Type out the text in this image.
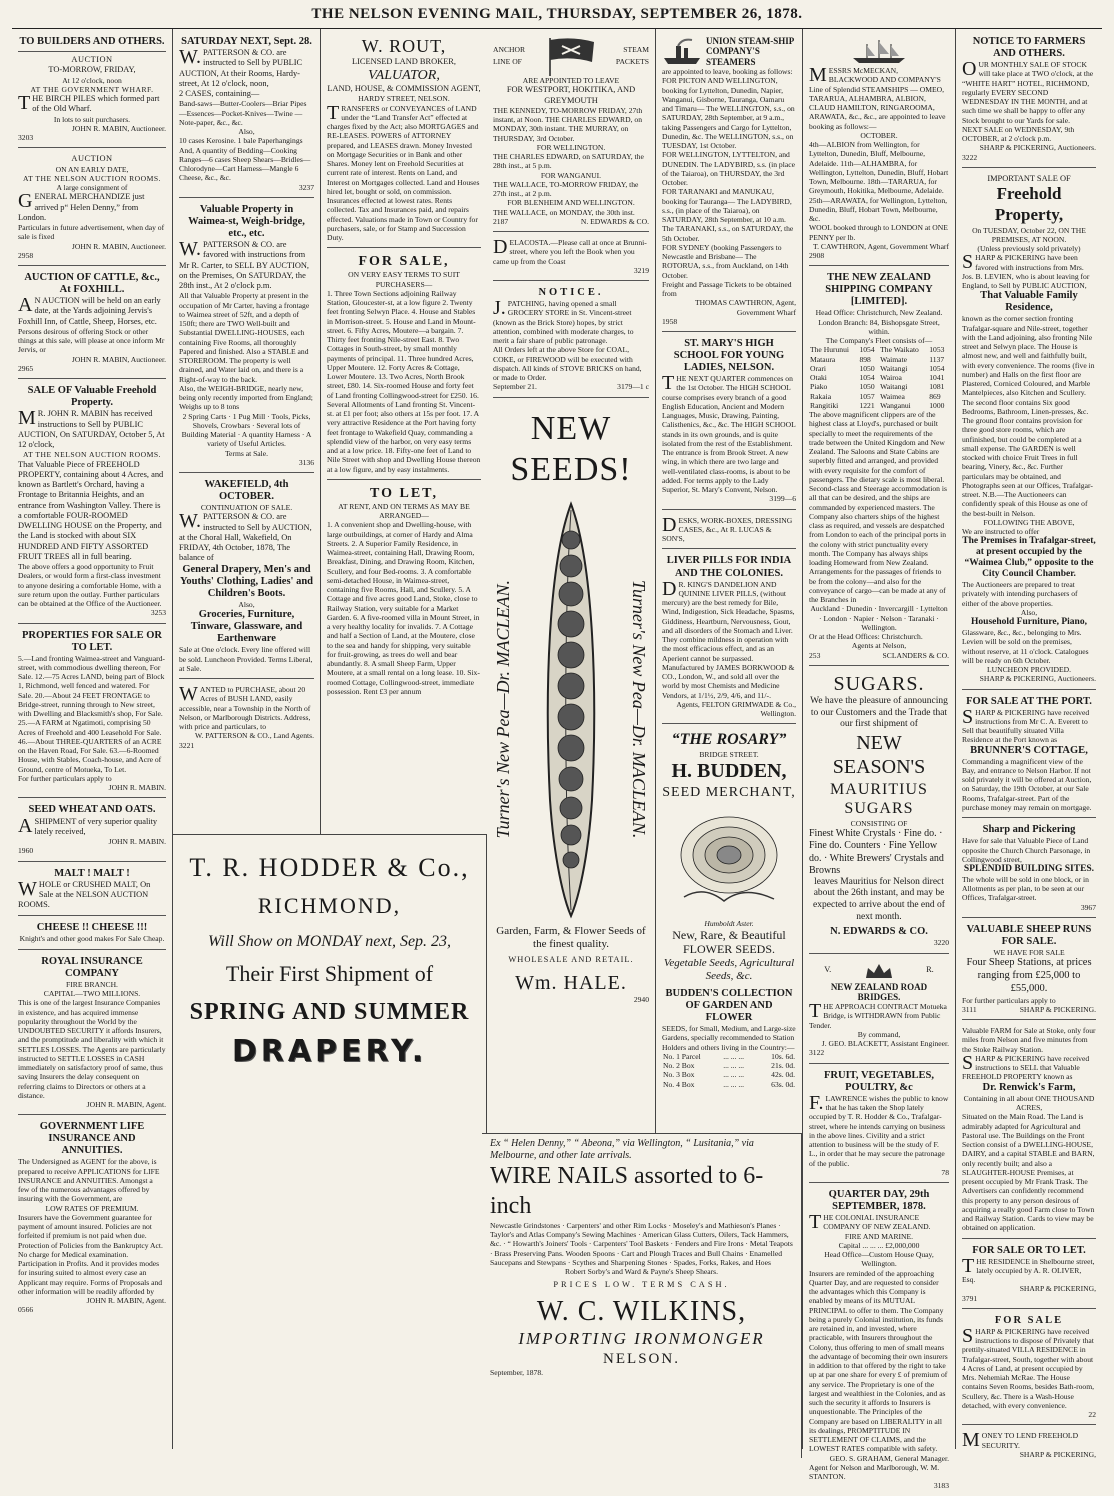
THE NELSON EVENING MAIL, THURSDAY, SEPTEMBER 26, 1878.
TO BUILDERS AND OTHERS.
AUCTION
TO-MORROW, FRIDAY,
At 12 o'clock, noon
AT THE GOVERNMENT WHARF.
THE BIRCH PILES which formed part of the Old Wharf.
In lots to suit purchasers.
JOHN R. MABIN, Auctioneer.
3203
AUCTION
ON AN EARLY DATE,
AT THE NELSON AUCTION ROOMS.
A large consignment of
GENERAL MERCHANDIZE just arrived p“ Helen Denny,” from London.
Particulars in future advertisement, when day of sale is fixed
JOHN R. MABIN, Auctioneer.
2958
AUCTION OF CATTLE, &c., At FOXHILL.
AN AUCTION will be held on an early date, at the Yards adjoining Jervis's Foxhill Inn, of Cattle, Sheep, Horses, etc.
Persons desirous of offering Stock or other things at this sale, will please at once inform Mr Jervis, or
JOHN R. MABIN, Auctioneer.
2965
SALE OF Valuable Freehold Property.
MR. JOHN R. MABIN has received instructions to Sell by PUBLIC AUCTION, On SATURDAY, October 5, At 12 o'clock,
AT THE NELSON AUCTION ROOMS.
That Valuable Piece of FREEHOLD PROPERTY, containing about 4 Acres, and known as Bartlett's Orchard, having a Frontage to Britannia Heights, and an entrance from Washington Valley. There is a comfortable FOUR-ROOMED DWELLING HOUSE on the Property, and the Land is stocked with about SIX HUNDRED AND FIFTY ASSORTED FRUIT TREES all in full bearing.
The above offers a good opportunity to Fruit Dealers, or would form a first-class investment to anyone desiring a comfortable Home, with a sure return upon the outlay. Further particulars can be obtained at the Office of the Auctioneer.
3253
PROPERTIES FOR SALE OR TO LET.
5.—Land fronting Waimea-street and Vanguard-street, with commodious dwelling thereon, For Sale. 12.—75 Acres LAND, being part of Block 1, Richmond, well fenced and watered. For Sale. 20.—About 24 FEET FRONTAGE to Bridge-street, running through to New street, with Dwelling and Blacksmith's shop, For Sale. 25.—A FARM at Ngatimoti, comprising 50 Acres of Freehold and 400 Leasehold For Sale. 46.—About THREE-QUARTERS of an ACRE on the Haven Road, For Sale. 63.—6-Roomed House, with Stables, Coach-house, and Acre of Ground, centre of Motueka, To Let.
For further particulars apply to
JOHN R. MABIN.
SEED WHEAT AND OATS.
ASHIPMENT of very superior quality lately received,
JOHN R. MABIN.
1960
MALT ! MALT !
WHOLE or CRUSHED MALT, On Sale at the NELSON AUCTION ROOMS.
CHEESE !! CHEESE !!!
Knight's and other good makes For Sale Cheap.
ROYAL INSURANCE COMPANY
FIRE BRANCH.
CAPITAL—TWO MILLIONS.
This is one of the largest Insurance Companies in existence, and has acquired immense popularity throughout the World by the UNDOUBTED SECURITY it affords Insurers, and the promptitude and liberality with which it SETTLES LOSSES. The Agents are particularly instructed to SETTLE LOSSES in CASH immediately on satisfactory proof of same, thus saving Insurers the delay consequent on referring claims to Directors or others at a distance.
JOHN R. MABIN, Agent.
GOVERNMENT LIFE INSURANCE AND ANNUITIES.
The Undersigned as AGENT for the above, is prepared to receive APPLICATIONS for LIFE INSURANCE and ANNUITIES. Amongst a few of the numerous advantages offered by insuring with the Government, are
LOW RATES OF PREMIUM.
Insurers have the Government guarantee for payment of amount insured. Policies are not forfeited if premium is not paid when due. Protection of Policies from the Bankruptcy Act. No charge for Medical examination. Participation in Profits. And it provides modes for insuring suited to almost every case an Applicant may require. Forms of Proposals and other information will be readily afforded by
JOHN R. MABIN, Agent.
0566
SATURDAY NEXT, Sept. 28.
W.PATTERSON & CO. are instructed to Sell by PUBLIC AUCTION, At their Rooms, Hardy-street, At 12 o'clock, noon,
2 CASES, containing—
Band-saws—Butter-Coolers—Briar Pipes —Essences—Pocket-Knives—Twine —Note-paper, &c., &c.
Also,
10 cases Kerosine. 1 bale Paperhangings And, A quantity of Bedding—Cooking Ranges—6 cases Sheep Shears—Bridles—Chlorodyne—Cart Harness—Mangle 6 Cheese, &c., &c.
3237
Valuable Property in Waimea-st, Weigh-bridge, etc., etc.
W.PATTERSON & CO. are favored with instructions from Mr R. Carter, to SELL BY AUCTION, on the Premises, On SATURDAY, the 28th inst., At 2 o'clock p.m.
All that Valuable Property at present in the occupation of Mr Carter, having a frontage to Waimea street of 52ft, and a depth of 150ft; there are TWO Well-built and Substantial DWELLING-HOUSES, each containing Five Rooms, all thoroughly Papered and finished. Also a STABLE and STOREROOM. The property is well drained, and Water laid on, and there is a Right-of-way to the back.
Also, the WEIGH-BRIDGE, nearly new, being only recently imported from England; Weighs up to 8 tons
2 Spring Carts · 1 Pug Mill · Tools, Picks, Shovels, Crowbars · Several lots of Building Material · A quantity Harness · A variety of Useful Articles.
Terms at Sale.
3136
WAKEFIELD, 4th OCTOBER.
CONTINUATION OF SALE.
W.PATTERSON & CO. are instructed to Sell by AUCTION, at the Choral Hall, Wakefield, On FRIDAY, 4th October, 1878, The balance of
General Drapery, Men's and Youths' Clothing, Ladies' and Children's Boots.
Also,
Groceries, Furniture, Tinware, Glassware, and Earthenware
Sale at One o'clock. Every line offered will be sold. Luncheon Provided. Terms Liberal, at Sale.
WANTED to PURCHASE, about 20 Acres of BUSH LAND, easily accessible, near a Township in the North of Nelson, or Marlborough Districts. Address, with price and particulars, to
W. PATTERSON & CO., Land Agents.
3221
W. ROUT,
LICENSED LAND BROKER,
VALUATOR,
LAND, HOUSE, & COMMISSION AGENT,
HARDY STREET, NELSON.
TRANSFERS or CONVEYANCES of LAND under the “Land Transfer Act” effected at charges fixed by the Act; also MORTGAGES and RE-LEASES. POWERS of ATTORNEY prepared, and LEASES drawn. Money Invested on Mortgage Securities or in Bank and other Shares. Money lent on Freehold Securities at current rate of interest. Rents on Land, and Interest on Mortgages collected. Land and Houses hired let, bought or sold, on commission. Insurances effected at lowest rates. Rents collected. Tax and Insurances paid, and repairs effected. Valuations made in Town or Country for purchasers, sale, or for Stamp and Succession Duty.
FOR SALE,
ON VERY EASY TERMS TO SUIT PURCHASERS—
1. Three Town Sections adjoining Railway Station, Gloucester-st, at a low figure 2. Twenty feet fronting Selwyn Place. 4. House and Stables in Morrison-street. 5. House and Land in Mount-street. 6. Fifty Acres, Moutere—a bargain. 7. Thirty feet fronting Nile-street East. 8. Two Cottages in South-street, by small monthly payments of principal. 11. Three hundred Acres, Upper Moutere. 12. Forty Acres & Cottage, Lower Moutere. 13. Two Acres, North Brook street, £80. 14. Six-roomed House and forty feet of Land fronting Collingwood-street for £250. 16. Several Allotments of Land fronting St. Vincent-st. at £1 per foot; also others at 15s per foot. 17. A very attractive Residence at the Port having forty feet frontage to Wakefield Quay, commanding a splendid view of the harbor, on very easy terms and at a low price. 18. Fifty-one feet of Land to Nile Street with shop and Dwelling House thereon at a low figure, and by easy instalments.
TO LET,
AT RENT, AND ON TERMS AS MAY BE ARRANGED—
1. A convenient shop and Dwelling-house, with large outbuildings, at corner of Hardy and Alma Streets. 2. A Superior Family Residence, in Waimea-street, containing Hall, Drawing Room, Breakfast, Dining, and Drawing Room, Kitchen, Scullery, and four Bed-rooms. 3. A comfortable semi-detached House, in Waimea-street, containing five Rooms, Hall, and Scullery. 5. A Cottage and five acres good Land, Stoke, close to Railway Station, very suitable for a Market Garden. 6. A five-roomed villa in Mount Street, in a very healthy locality for invalids. 7. A Cottage and half a Section of Land, at the Moutere, close to the sea and handy for shipping, very suitable for fruit-growing, as trees do well and bear abundantly. 8. A small Sheep Farm, Upper Moutere, at a small rental on a long lease. 10. Six-roomed Cottage, Collingwood-street, immediate possession. Rent £3 per annum
T. R. HODDER & Co.,
RICHMOND,
Will Show on MONDAY next, Sep. 23,
Their First Shipment of
SPRING AND SUMMER
DRAPERY.
ANCHOR
LINE OF
STEAM
PACKETS
ARE APPOINTED TO LEAVE
FOR WESTPORT, HOKITIKA, AND GREYMOUTH
THE KENNEDY, TO-MORROW FRIDAY, 27th instant, at Noon. THE CHARLES EDWARD, on MONDAY, 30th instant. THE MURRAY, on THURSDAY, 3rd October.
FOR WELLINGTON.
THE CHARLES EDWARD, on SATURDAY, the 28th inst., at 5 p.m.
FOR WANGANUI.
THE WALLACE, TO-MORROW FRIDAY, the 27th inst., at 2 p.m.
FOR BLENHEIM AND WELLINGTON.
THE WALLACE, on MONDAY, the 30th inst.
2187	N. EDWARDS & CO.
DELACOSTA.—Please call at once at Brunni-street, where you left the Book when you came up from the Coast
3219
NOTICE.
J.PATCHING, having opened a small GROCERY STORE in St. Vincent-street (known as the Brick Store) hopes, by strict attention, combined with moderate charges, to merit a fair share of public patronage.
All Orders left at the above Store for COAL, COKE, or FIREWOOD will be executed with dispatch. All kinds of STOVE BRICKS on hand, or made to Order.
September 21.	3179—1 c
NEW SEEDS!
Turner's New Pea—Dr. MACLEAN.	Turner's New Pea—Dr. MACLEAN.
Garden, Farm, & Flower Seeds of the finest quality.
WHOLESALE AND RETAIL.
Wm. HALE.
2940
UNION STEAM-SHIP COMPANY'S STEAMERS
are appointed to leave, booking as follows:
FOR PICTON AND WELLINGTON, booking for Lyttelton, Dunedin, Napier, Wanganui, Gisborne, Tauranga, Oamaru and Timaru— The WELLINGTON, s.s., on SATURDAY, 28th September, at 9 a.m., taking Passengers and Cargo for Lyttelton, Dunedin, &c. The WELLINGTON, s.s., on TUESDAY, 1st October.
FOR WELLINGTON, LYTTELTON, and DUNEDIN. The LADYBIRD, s.s. (in place of the Taiaroa), on THURSDAY, the 3rd October.
FOR TARANAKI and MANUKAU, booking for Tauranga— The LADYBIRD, s.s., (in place of the Taiaroa), on SATURDAY, 28th September, at 10 a.m. The TARANAKI, s.s., on SATURDAY, the 5th October.
FOR SYDNEY (booking Passengers to Newcastle and Brisbane— The ROTORUA, s.s., from Auckland, on 14th October.
Freight and Passage Tickets to be obtained from
THOMAS CAWTHRON, Agent, Government Wharf
1958
ST. MARY'S HIGH SCHOOL FOR YOUNG LADIES, NELSON.
THE NEXT QUARTER commences on the 1st October. The HIGH SCHOOL course comprises every branch of a good English Education, Ancient and Modern Languages, Music, Drawing, Painting, Calisthenics, &c., &c. The HIGH SCHOOL stands in its own grounds, and is quite isolated from the rest of the Establishment. The entrance is from Brook Street. A new wing, in which there are two large and well-ventilated class-rooms, is about to be added. For terms apply to the Lady Superior, St. Mary's Convent, Nelson.
3199—6
DESKS, WORK-BOXES, DRESSING CASES, &c., At R. LUCAS & SON'S,
LIVER PILLS FOR INDIA AND THE COLONIES.
DR. KING'S DANDELION AND QUININE LIVER PILLS, (without mercury) are the best remedy for Bile, Wind, Indigestion, Sick Headache, Spasms, Giddiness, Heartburn, Nervousness, Gout, and all disorders of the Stomach and Liver. They combine mildness in operation with the most efficacious effect, and as an Aperient cannot be surpassed. Manufactured by JAMES BORKWOOD & CO., London, W., and sold all over the world by most Chemists and Medicine Vendors, at 1/1½, 2/9, 4/6, and 11/-.
Agents, FELTON GRIMWADE & Co., Wellington.
“THE ROSARY”
BRIDGE STREET.
H. BUDDEN,
SEED MERCHANT,
Humboldt Aster.
New, Rare, & Beautiful FLOWER SEEDS.
Vegetable Seeds, Agricultural Seeds, &c.
BUDDEN'S COLLECTION OF GARDEN AND FLOWER
SEEDS, for Small, Medium, and Large-size Gardens, specially recommended to Station Holders and others living in the Country:—
No. 1 Parcel	... ... ...	10s. 6d.
No. 2 Box	... ... ...	21s. 0d.
No. 3 Box	... ... ...	42s. 0d.
No. 4 Box	... ... ...	63s. 0d.
MESSRS McMECKAN, BLACKWOOD AND COMPANY'S Line of Splendid STEAMSHIPS — OMEO, TARARUA, ALHAMBRA, ALBION, CLAUD HAMILTON, RINGAROOMA, ARAWATA, &c., &c., are appointed to leave booking as follows:—
OCTOBER.
4th—ALBION from Wellington, for Lyttelton, Dunedin, Bluff, Melbourne, Adelaide. 11th—ALHAMBRA, for Wellington, Lyttelton, Dunedin, Bluff, Hobart Town, Melbourne. 18th—TARARUA, for Greymouth, Hokitika, Melbourne, Adelaide. 25th—ARAWATA, for Wellington, Lyttelton, Dunedin, Bluff, Hobart Town, Melbourne, &c.
WOOL booked through to LONDON at ONE PENNY per lb.
T. CAWTHRON, Agent, Government Wharf
2908
THE NEW ZEALAND SHIPPING COMPANY [LIMITED].
Head Office: Christchurch, New Zealand. London Branch: 84, Bishopsgate Street, within.
The Company's Fleet consists of—
The Hurunui	1054	The Waikato	1053
Mataura	898	Waimate	1137
Orari	1050	Waitangi	1054
Otaki	1054	Wairoa	1041
Piako	1050	Waitangi	1081
Rakaia	1057	Waimea	869
Rangitiki	1221	Wanganui	1000
The above magnificent clippers are of the highest class at Lloyd's, purchased or built specially to meet the requirements of the trade between the United Kingdom and New Zealand. The Saloons and State Cabins are superbly fitted and arranged, and provided with every requisite for the comfort of passengers. The dietary scale is most liberal. Second-class and Steerage accommodation is all that can be desired, and the ships are commanded by experienced masters. The Company also charters ships of the highest class as required, and vessels are despatched from London to each of the principal ports in the colony with strict punctuality every month. The Company has always ships loading Homeward from New Zealand. Arrangements for the passages of friends to be from the colony—and also for the conveyance of cargo—can be made at any of the Branches in
Auckland · Dunedin · Invercargill · Lyttelton · London · Napier · Nelson · Taranaki · Wellington.
Or at the Head Offices: Christchurch.
Agents at Nelson,
253	SCLANDERS & CO.
SUGARS.
We have the pleasure of announcing to our Customers and the Trade that our first shipment of
NEW SEASON'S
MAURITIUS SUGARS
CONSISTING OF
Finest White Crystals · Fine do. · Fine do. Counters · Fine Yellow do. · White Brewers' Crystals and Browns
leaves Mauritius for Nelson direct about the 26th instant, and may be expected to arrive about the end of next month.
N. EDWARDS & CO.
3220
V.	R.
NEW ZEALAND ROAD BRIDGES.
THE APPROACH CONTRACT Motueka Bridge, is WITHDRAWN from Public Tender.
By command,
J. GEO. BLACKETT, Assistant Engineer.
3122
FRUIT, VEGETABLES, POULTRY, &c
F.LAWRENCE wishes the public to know that he has taken the Shop lately occupied by T. R. Hodder & Co., Trafalgar-street, where he intends carrying on business in the above lines. Civility and a strict attention to business will be the study of F. L., in order that he may secure the patronage of the public.
78
QUARTER DAY, 29th SEPTEMBER, 1878.
THE COLONIAL INSURANCE COMPANY OF NEW ZEALAND.
FIRE AND MARINE.
Capital ... ... ... £2,000,000
Head Office—Custom House Quay, Wellington.
Insurers are reminded of the approaching Quarter Day, and are requested to consider the advantages which this Company is enabled by means of its MUTUAL PRINCIPAL to offer to them. The Company being a purely Colonial institution, its funds are retained in, and invested, where practicable, with Insurers throughout the Colony, thus offering to men of small means the advantage of becoming their own insurers in addition to that offered by the right to take up at par one share for every £ of premium of any service. The Proprietary is one of the largest and wealthiest in the Colonies, and as such the security it affords to Insurers is unquestionable. The Principles of the Company are based on LIBERALITY in all its dealings, PROMPTITUDE IN SETTLEMENT OF CLAIMS, and the LOWEST RATES compatible with safety.
GEO. S. GRAHAM, General Manager.
Agent for Nelson and Marlborough, W. M. STANTON.
3183
NOTICE TO FARMERS AND OTHERS.
OUR MONTHLY SALE OF STOCK will take place at TWO o'clock, at the “WHITE HART” HOTEL, RICHMOND, regularly EVERY SECOND WEDNESDAY IN THE MONTH, and at such time we shall be happy to offer any Stock brought to our Yards for sale.
NEXT SALE on WEDNESDAY, 9th OCTOBER, at 2 o'clock p.m.
SHARP & PICKERING, Auctioneers.
3222
IMPORTANT SALE OF
Freehold Property,
On TUESDAY, October 22, ON THE PREMISES, AT NOON.
(Unless previously sold privately)
SHARP & PICKERING have been favored with instructions from Mrs. Jos. B. LEVIEN, who is about leaving for England, to Sell by PUBLIC AUCTION,
That Valuable Family Residence,
known as the corner section fronting Trafalgar-square and Nile-street, together with the Land adjoining, also fronting Nile street and Selwyn place. The House is almost new, and well and faithfully built, with every convenience. The rooms (five in number) and Halls on the first floor are Plastered, Corniced Coloured, and Marble Mantelpieces, also Kitchen and Scullery. The second floor contains Six good Bedrooms, Bathroom, Linen-presses, &c. The ground floor contains provision for three good store rooms, which are unfinished, but could be completed at a small expense. The GARDEN is well stocked with choice Fruit Trees in full bearing, Vinery, &c., &c. Further particulars may be obtained, and Photographs seen at our Offices, Trafalgar-street. N.B.—The Auctioneers can confidently speak of this House as one of the best-built in Nelson.
FOLLOWING THE ABOVE,
We are instructed to offer
The Premises in Trafalgar-street, at present occupied by the “Waimea Club,” opposite to the City Council Chamber.
The Auctioneers are prepared to treat privately with intending purchasers of either of the above properties.
Also,
Household Furniture, Piano,
Glassware, &c., &c., belonging to Mrs. Levien will be sold on the premises, without reserve, at 11 o'clock. Catalogues will be ready on 6th October.
LUNCHEON PROVIDED.
SHARP & PICKERING, Auctioneers.
FOR SALE AT THE PORT.
SHARP & PICKERING have received instructions from Mr C. A. Everett to Sell that beautifully situated Villa Residence at the Port known as
BRUNNER'S COTTAGE,
Commanding a magnificent view of the Bay, and entrance to Nelson Harbor. If not sold privately it will be offered at Auction, on Saturday, the 19th October, at our Sale Rooms, Trafalgar-street. Part of the purchase money may remain on mortgage.
Sharp and Pickering
Have for sale that Valuable Piece of Land opposite the Church Church Parsonage, in Collingwood street,
SPLENDID BUILDING SITES.
The whole will be sold in one block, or in Allotments as per plan, to be seen at our Offices, Trafalgar-street.
3967
VALUABLE SHEEP RUNS FOR SALE.
WE HAVE FOR SALE
Four Sheep Stations, at prices ranging from £25,000 to £55,000.
For further particulars apply to
3111	SHARP & PICKERING.
Valuable FARM for Sale at Stoke, only four miles from Nelson and five minutes from the Stoke Railway Station.
SHARP & PICKERING have received instructions to SELL that Valuable FREEHOLD PROPERTY known as
Dr. Renwick's Farm,
Containing in all about ONE THOUSAND ACRES,
Situated on the Main Road. The Land is admirably adapted for Agricultural and Pastoral use. The Buildings on the Front Section consist of a DWELLING-HOUSE, DAIRY, and a capital STABLE and BARN, only recently built; and also a SLAUGHTER-HOUSE Premises, at present occupied by Mr Frank Trask. The Advertisers can confidently recommend this property to any person desirous of acquiring a really good Farm close to Town and Railway Station. Cards to view may be obtained on application.
FOR SALE OR TO LET.
THE RESIDENCE in Shelbourne street, lately occupied by A. R. OLIVER, Esq.
SHARP & PICKERING,
3791
FOR SALE
SHARP & PICKERING have received instructions to dispose of Privately that prettily-situated VILLA RESIDENCE in Trafalgar-street, South, together with about 4 Acres of Land, at present occupied by Mrs. Nehemiah McRae. The House contains Seven Rooms, besides Bath-room, Scullery, &c. There is a Wash-House detached, with every convenience.
22
MONEY TO LEND FREEHOLD SECURITY.
SHARP & PICKERING,
Ex “ Helen Denny,” “ Abeona,” via Wellington, “ Lusitania,” via Melbourne, and other late arrivals.
WIRE NAILS assorted to 6-inch
Newcastle Grindstones · Carpenters' and other Rim Locks · Moseley's and Mathieson's Planes · Taylor's and Atlas Company's Sewing Machines · American Glass Cutters, Oilers, Tack Hammers, &c. · “ Howarth's Joiners' Tools · Carpenters' Tool Baskets · Fenders and Fire Irons · Metal Teapots · Brass Preserving Pans. Wooden Spoons · Cart and Plough Traces and Bull Chains · Enamelled Saucepans and Stewpans · Scythes and Sharpening Stones · Spades, Forks, Rakes, and Hoes
Robert Sorby's and Ward & Payne's Sheep Shears.
PRICES LOW. TERMS CASH.
W. C. WILKINS,
IMPORTING IRONMONGER
NELSON.
September, 1878.
